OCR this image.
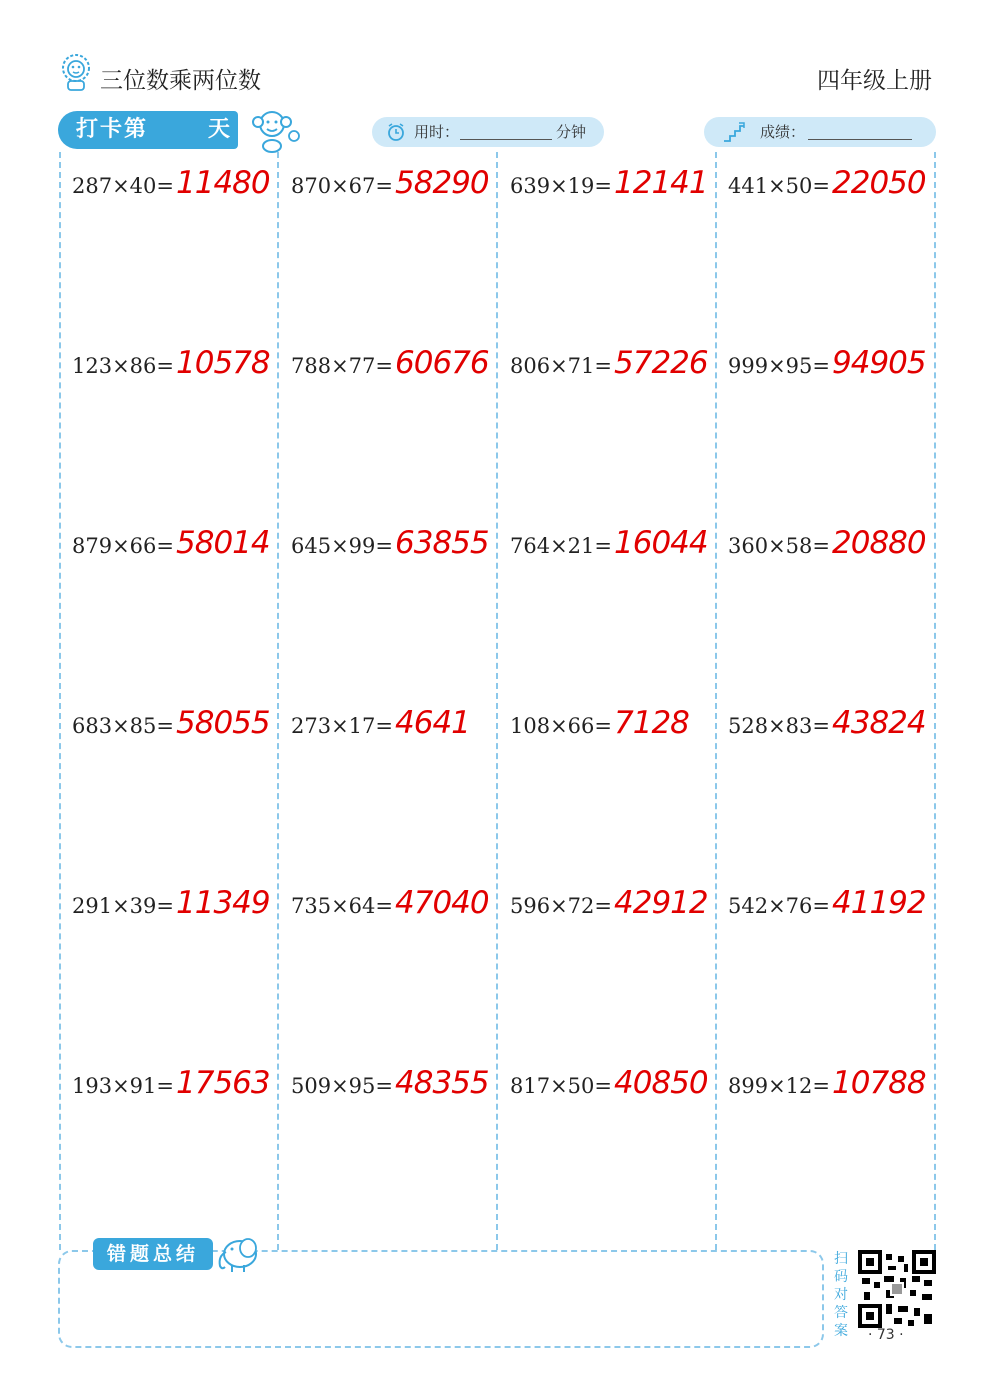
三位数乘两位数	四年级上册
打卡第	天	用时：	分钟	成绩：
287×40=11480
123×86=10578
879×66=58014
683×85=58055
291×39=11349
193×91=17563
870×67=58290
788×77=60676
645×99=63855
273×17=4641
735×64=47040
509×95=48355
639×19=12141
806×71=57226
764×21=16044
108×66=7128
596×72=42912
817×50=40850
441×50=22050
999×95=94905
360×58=20880
528×83=43824
542×76=41192
899×12=10788
错题总结	扫码对答案	· 73 ·
